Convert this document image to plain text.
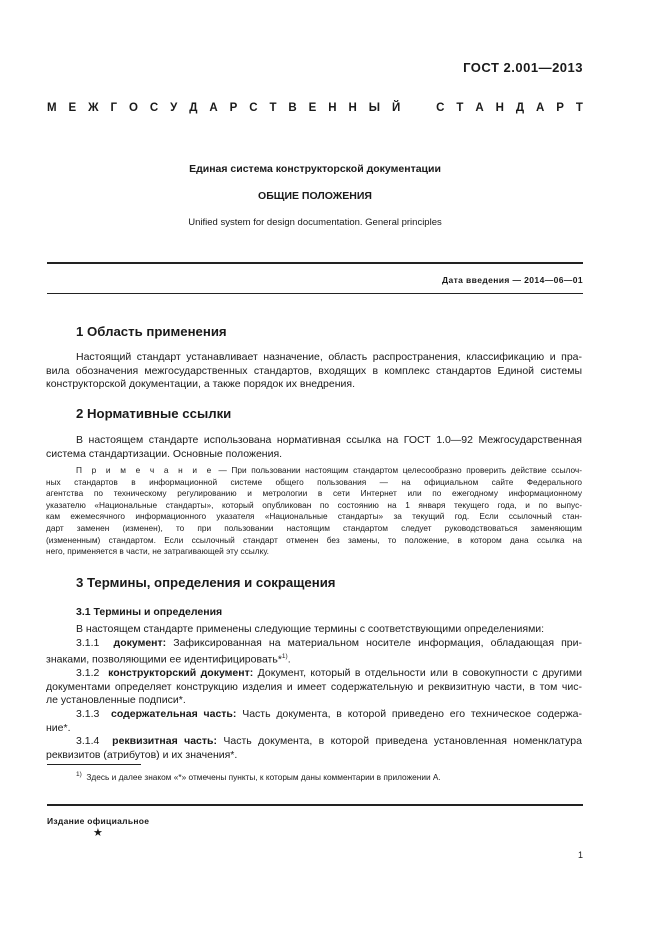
ГОСТ 2.001—2013
М Е Ж Г О С У Д А Р С Т В Е Н Н Ы Й	С Т А Н Д А Р Т
Единая система конструкторской документации
ОБЩИЕ ПОЛОЖЕНИЯ
Unified system for design documentation. General principles
Дата введения — 2014—06—01
1 Область применения
Настоящий стандарт устанавливает назначение, область распространения, классификацию и пра-
вила обозначения межгосударственных стандартов, входящих в комплекс стандартов Единой системы
конструкторской документации, а также порядок их внедрения.
2 Нормативные ссылки
В настоящем стандарте использована нормативная ссылка на ГОСТ 1.0—92 Межгосударственная
система стандартизации. Основные положения.
П р и м е ч а н и е — При пользовании настоящим стандартом целесообразно проверить действие ссылоч-
ных стандартов в информационной системе общего пользования — на официальном сайте Федерального
агентства по техническому регулированию и метрологии в сети Интернет или по ежегодному информационному
указателю «Национальные стандарты», который опубликован по состоянию на 1 января текущего года, и по выпус-
кам ежемесячного информационного указателя «Национальные стандарты» за текущий год. Если ссылочный стан-
дарт заменен (изменен), то при пользовании настоящим стандартом следует руководствоваться заменяющим
(измененным) стандартом. Если ссылочный стандарт отменен без замены, то положение, в котором дана ссылка на
него, применяется в части, не затрагивающей эту ссылку.
3 Термины, определения и сокращения
3.1 Термины и определения
В настоящем стандарте применены следующие термины с соответствующими определениями:
3.1.1 документ: Зафиксированная на материальном носителе информация, обладающая при-
знаками, позволяющими ее идентифицировать*$^{1)}$.
3.1.2 конструкторский документ: Документ, который в отдельности или в совокупности с другими
документами определяет конструкцию изделия и имеет содержательную и реквизитную части, в том чис-
ле установленные подписи*.
3.1.3 содержательная часть: Часть документа, в которой приведено его техническое содержа-
ние*.
3.1.4 реквизитная часть: Часть документа, в которой приведена установленная номенклатура
реквизитов (атрибутов) и их значения*.
$^{1)}$ Здесь и далее знаком «*» отмечены пункты, к которым даны комментарии в приложении А.
Издание официальное
★
1
